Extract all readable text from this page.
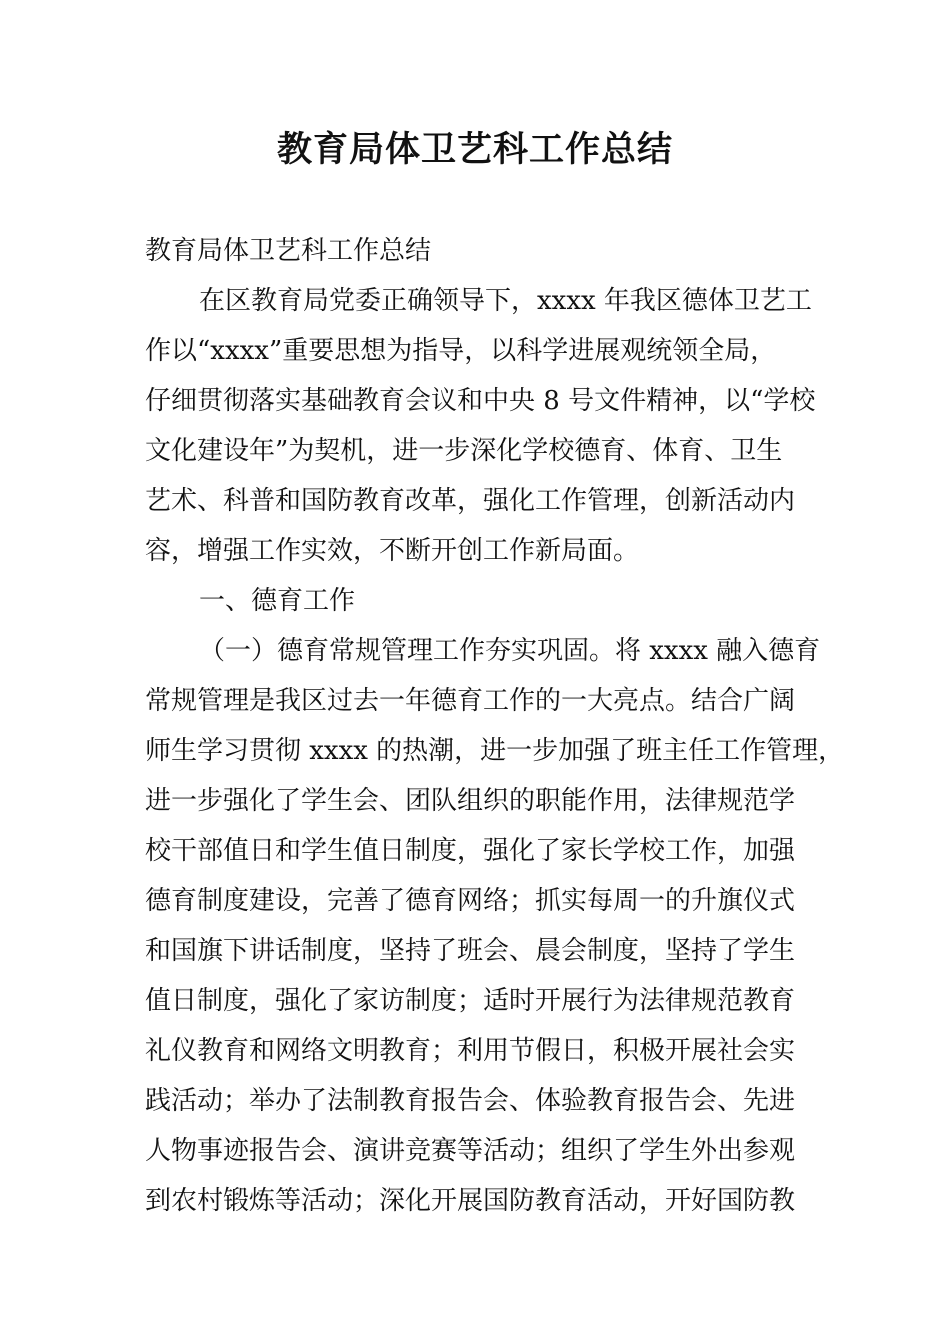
教育局体卫艺科工作总结
教育局体卫艺科工作总结
在区教育局党委正确领导下，xxxx 年我区德体卫艺工
作以“xxxx”重要思想为指导，以科学进展观统领全局，
仔细贯彻落实基础教育会议和中央 8 号文件精神，以“学校
文化建设年”为契机，进一步深化学校德育、体育、卫生
艺术、科普和国防教育改革，强化工作管理，创新活动内
容，增强工作实效，不断开创工作新局面。
一、德育工作
（一）德育常规管理工作夯实巩固。将 xxxx 融入德育
常规管理是我区过去一年德育工作的一大亮点。结合广阔
师生学习贯彻 xxxx 的热潮，进一步加强了班主任工作管理，
进一步强化了学生会、团队组织的职能作用，法律规范学
校干部值日和学生值日制度，强化了家长学校工作，加强
德育制度建设，完善了德育网络；抓实每周一的升旗仪式
和国旗下讲话制度，坚持了班会、晨会制度，坚持了学生
值日制度，强化了家访制度；适时开展行为法律规范教育
礼仪教育和网络文明教育；利用节假日，积极开展社会实
践活动；举办了法制教育报告会、体验教育报告会、先进
人物事迹报告会、演讲竞赛等活动；组织了学生外出参观
到农村锻炼等活动；深化开展国防教育活动，开好国防教
